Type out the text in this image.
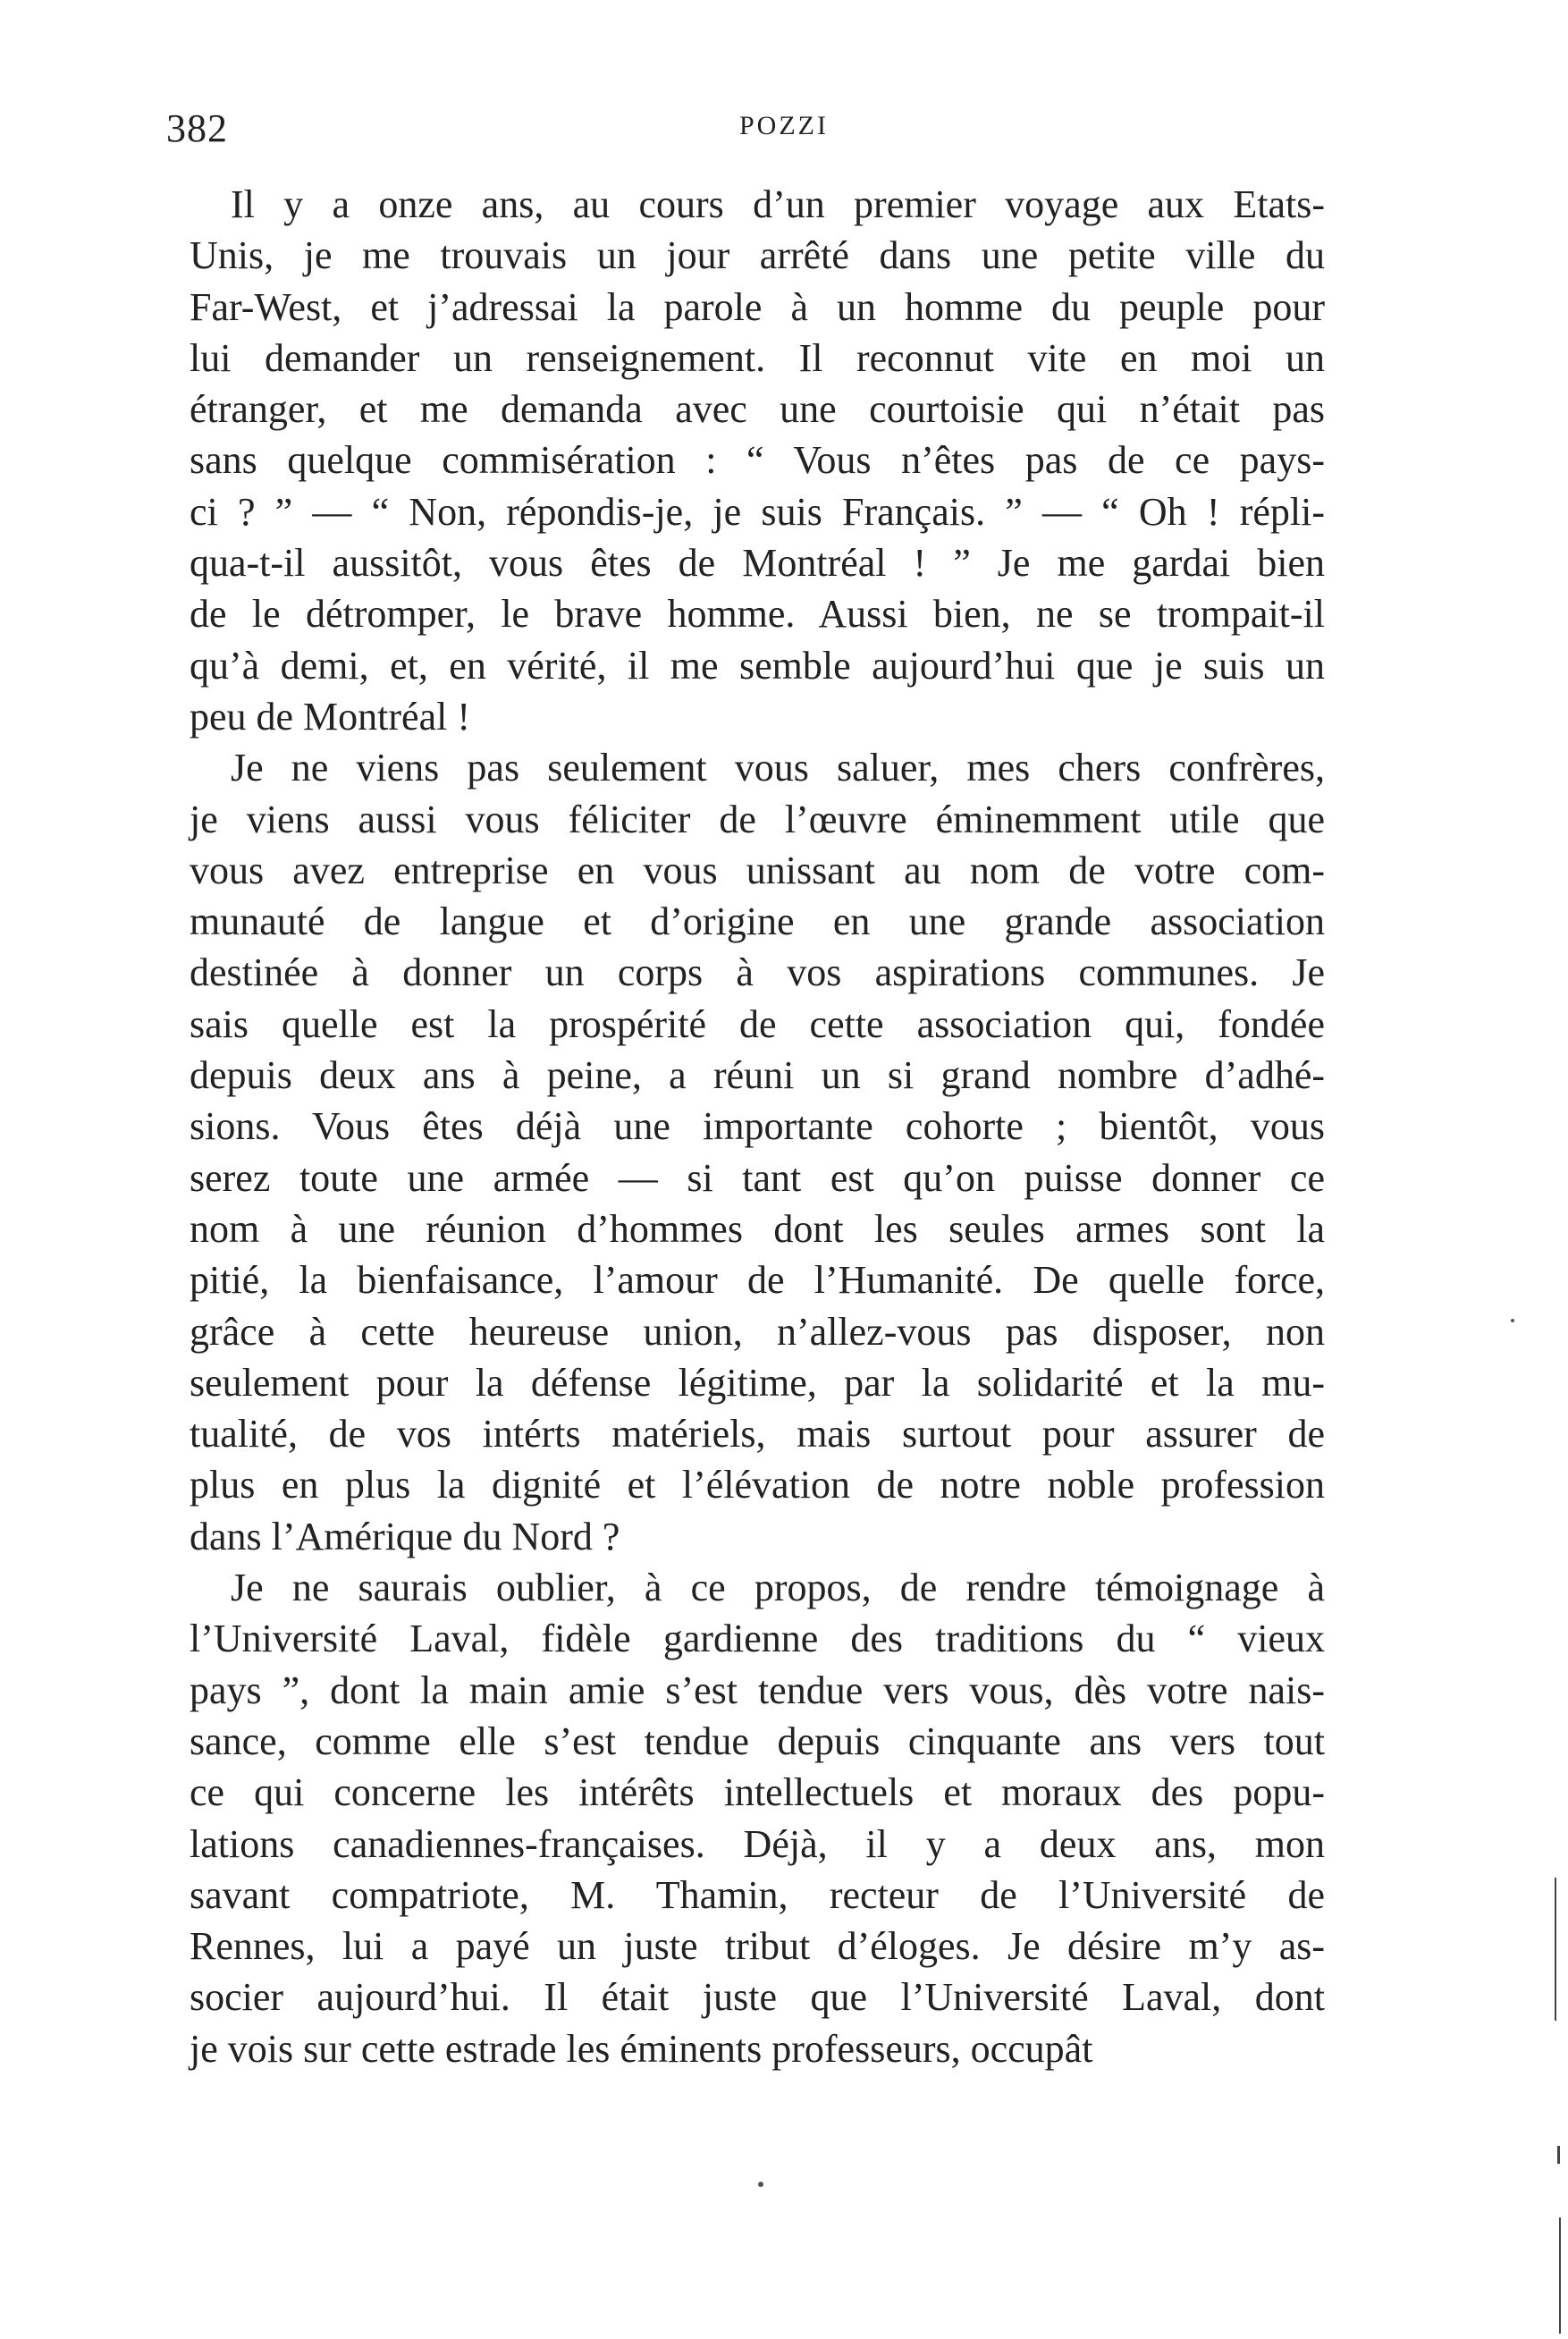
382	POZZI
Il y a onze ans, au cours d’un premier voyage aux Etats-
Unis, je me trouvais un jour arrêté dans une petite ville du
Far-West, et j’adressai la parole à un homme du peuple pour
lui demander un renseignement. Il reconnut vite en moi un
étranger, et me demanda avec une courtoisie qui n’était pas
sans quelque commisération : “ Vous n’êtes pas de ce pays-
ci ? ” — “ Non, répondis-je, je suis Français. ” — “ Oh ! répli-
qua-t-il aussitôt, vous êtes de Montréal ! ” Je me gardai bien
de le détromper, le brave homme. Aussi bien, ne se trompait-il
qu’à demi, et, en vérité, il me semble aujourd’hui que je suis un
peu de Montréal !
Je ne viens pas seulement vous saluer, mes chers confrères,
je viens aussi vous féliciter de l’œuvre éminemment utile que
vous avez entreprise en vous unissant au nom de votre com-
munauté de langue et d’origine en une grande association
destinée à donner un corps à vos aspirations communes. Je
sais quelle est la prospérité de cette association qui, fondée
depuis deux ans à peine, a réuni un si grand nombre d’adhé-
sions. Vous êtes déjà une importante cohorte ; bientôt, vous
serez toute une armée — si tant est qu’on puisse donner ce
nom à une réunion d’hommes dont les seules armes sont la
pitié, la bienfaisance, l’amour de l’Humanité. De quelle force,
grâce à cette heureuse union, n’allez-vous pas disposer, non
seulement pour la défense légitime, par la solidarité et la mu-
tualité, de vos intérts matériels, mais surtout pour assurer de
plus en plus la dignité et l’élévation de notre noble profession
dans l’Amérique du Nord ?
Je ne saurais oublier, à ce propos, de rendre témoignage à
l’Université Laval, fidèle gardienne des traditions du “ vieux
pays ”, dont la main amie s’est tendue vers vous, dès votre nais-
sance, comme elle s’est tendue depuis cinquante ans vers tout
ce qui concerne les intérêts intellectuels et moraux des popu-
lations canadiennes-françaises. Déjà, il y a deux ans, mon
savant compatriote, M. Thamin, recteur de l’Université de
Rennes, lui a payé un juste tribut d’éloges. Je désire m’y as-
socier aujourd’hui. Il était juste que l’Université Laval, dont
je vois sur cette estrade les éminents professeurs, occupât
